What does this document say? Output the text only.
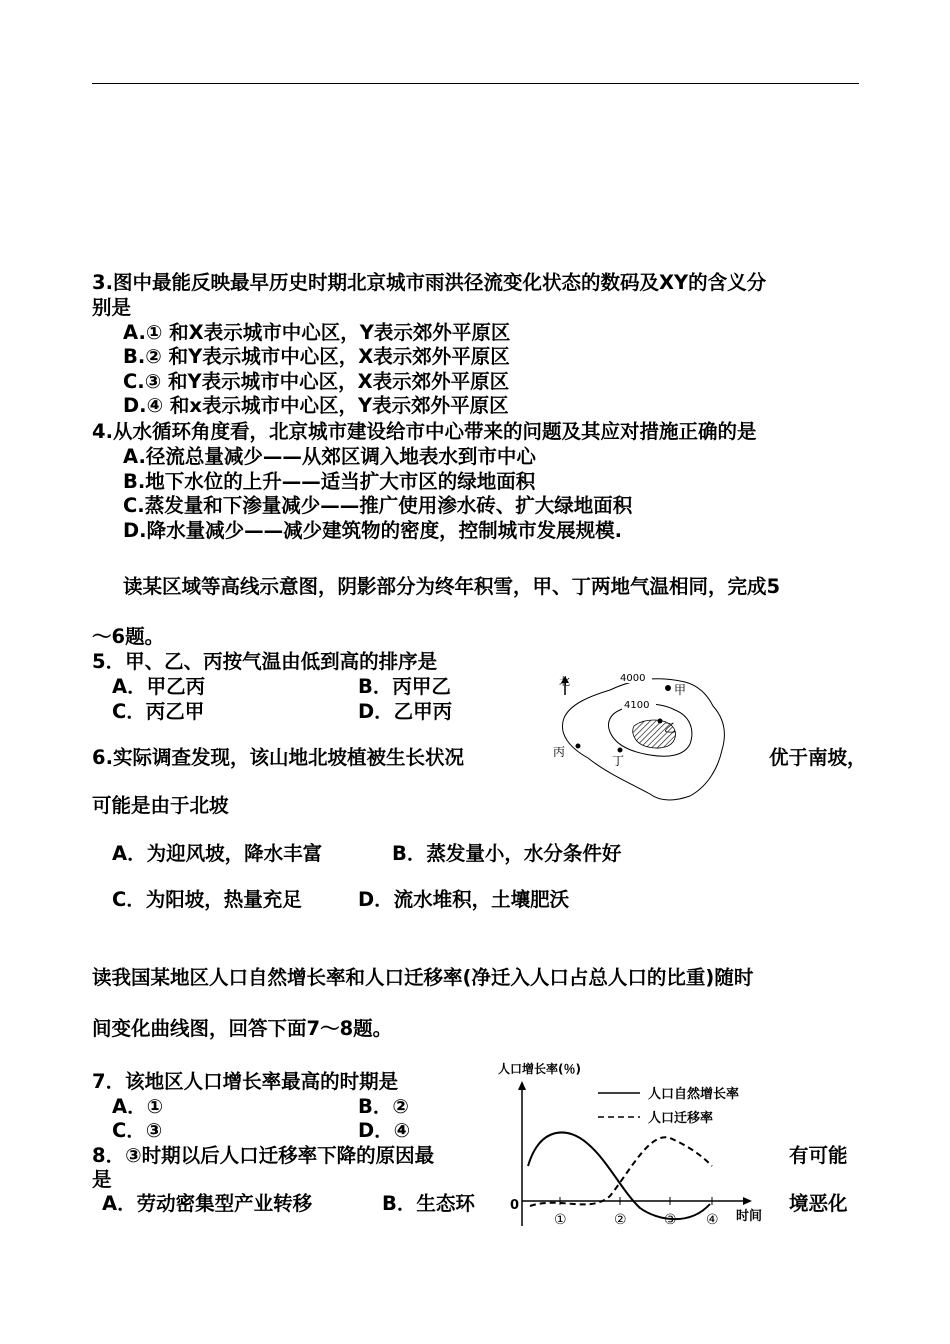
3.图中最能反映最早历史时期北京城市雨洪径流变化状态的数码及XY的含义分
别是
A.① 和X表示城市中心区，Y表示郊外平原区
B.② 和Y表示城市中心区，X表示郊外平原区
C.③ 和Y表示城市中心区，X表示郊外平原区
D.④ 和x表示城市中心区，Y表示郊外平原区
4.从水循环角度看，北京城市建设给市中心带来的问题及其应对措施正确的是
A.径流总量减少——从郊区调入地表水到市中心
B.地下水位的上升——适当扩大市区的绿地面积
C.蒸发量和下渗量减少——推广使用渗水砖、扩大绿地面积
D.降水量减少——减少建筑物的密度，控制城市发展规模.
读某区域等高线示意图，阴影部分为终年积雪，甲、丁两地气温相同，完成5
～6题。
5．甲、乙、丙按气温由低到高的排序是
A．甲乙丙	B．丙甲乙
C．丙乙甲	D．乙甲丙
6.实际调查发现，该山地北坡植被生长状况	优于南坡，
可能是由于北坡
A．为迎风坡，降水丰富	B．蒸发量小，水分条件好
C．为阳坡，热量充足	D．流水堆积，土壤肥沃
北	4000
4100
甲
乙
丙
丁
读我国某地区人口自然增长率和人口迁移率(净迁入人口占总人口的比重)随时
间变化曲线图，回答下面7～8题。
7．该地区人口增长率最高的时期是
A．①	B．②
C．③	D．④
8．③时期以后人口迁移率下降的原因最	有可能
是
A．劳动密集型产业转移	B．生态环	境恶化
人口增长率(％)
0
时间
人口自然增长率
人口迁移率
①	②	③ ④
